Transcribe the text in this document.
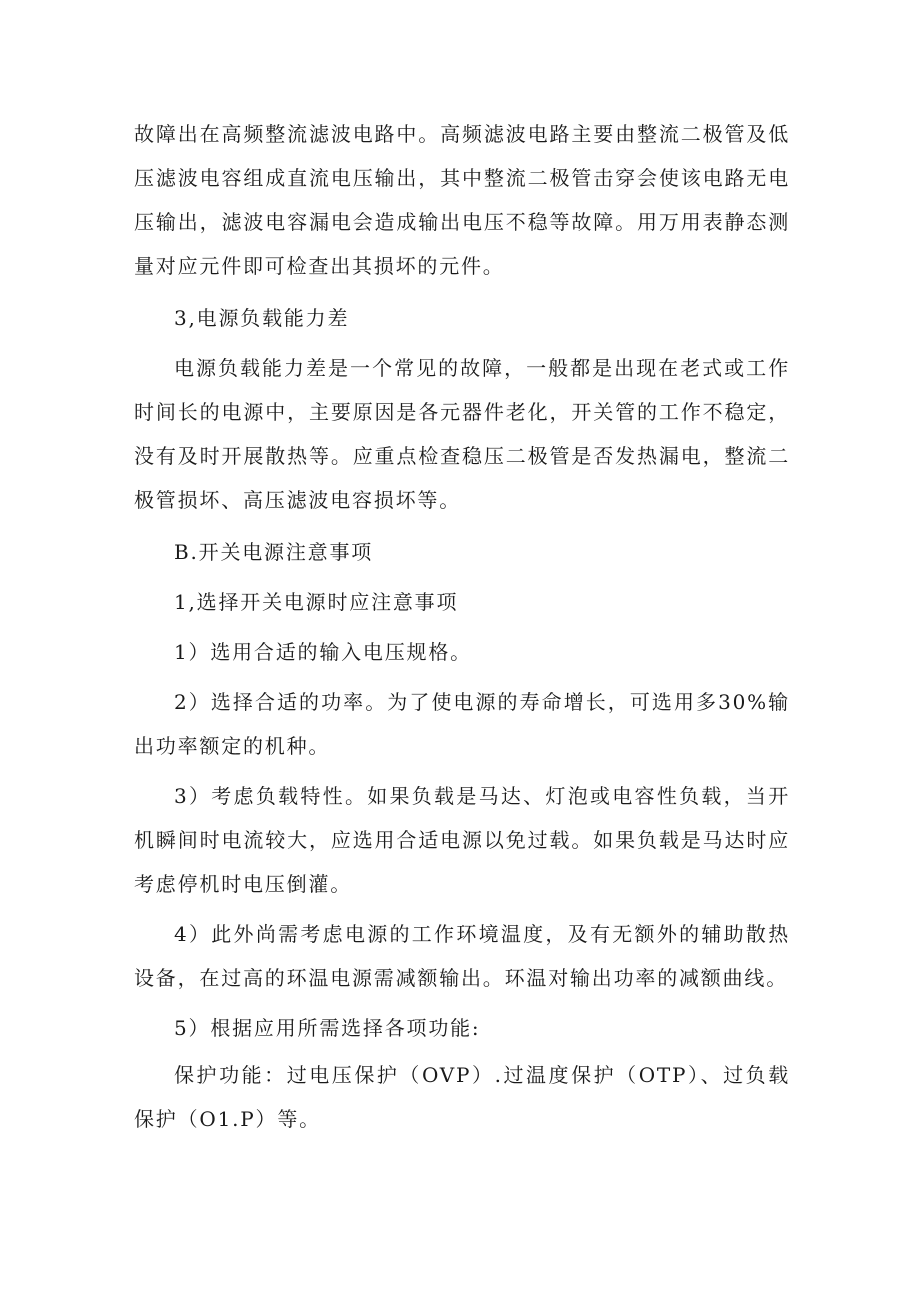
故障出在高频整流滤波电路中。高频滤波电路主要由整流二极管及低压滤波电容组成直流电压输出，其中整流二极管击穿会使该电路无电压输出，滤波电容漏电会造成输出电压不稳等故障。用万用表静态测量对应元件即可检查出其损坏的元件。

3,电源负载能力差

电源负载能力差是一个常见的故障，一般都是出现在老式或工作时间长的电源中，主要原因是各元器件老化，开关管的工作不稳定，没有及时开展散热等。应重点检查稳压二极管是否发热漏电，整流二极管损坏、高压滤波电容损坏等。

B.开关电源注意事项

1,选择开关电源时应注意事项

1）选用合适的输入电压规格。

2）选择合适的功率。为了使电源的寿命增长，可选用多30%输出功率额定的机种。

3）考虑负载特性。如果负载是马达、灯泡或电容性负载，当开机瞬间时电流较大，应选用合适电源以免过载。如果负载是马达时应考虑停机时电压倒灌。

4）此外尚需考虑电源的工作环境温度，及有无额外的辅助散热设备，在过高的环温电源需减额输出。环温对输出功率的减额曲线。

5）根据应用所需选择各项功能:

保护功能：过电压保护（OVP）.过温度保护（OTP）、过负载保护（O1.P）等。
